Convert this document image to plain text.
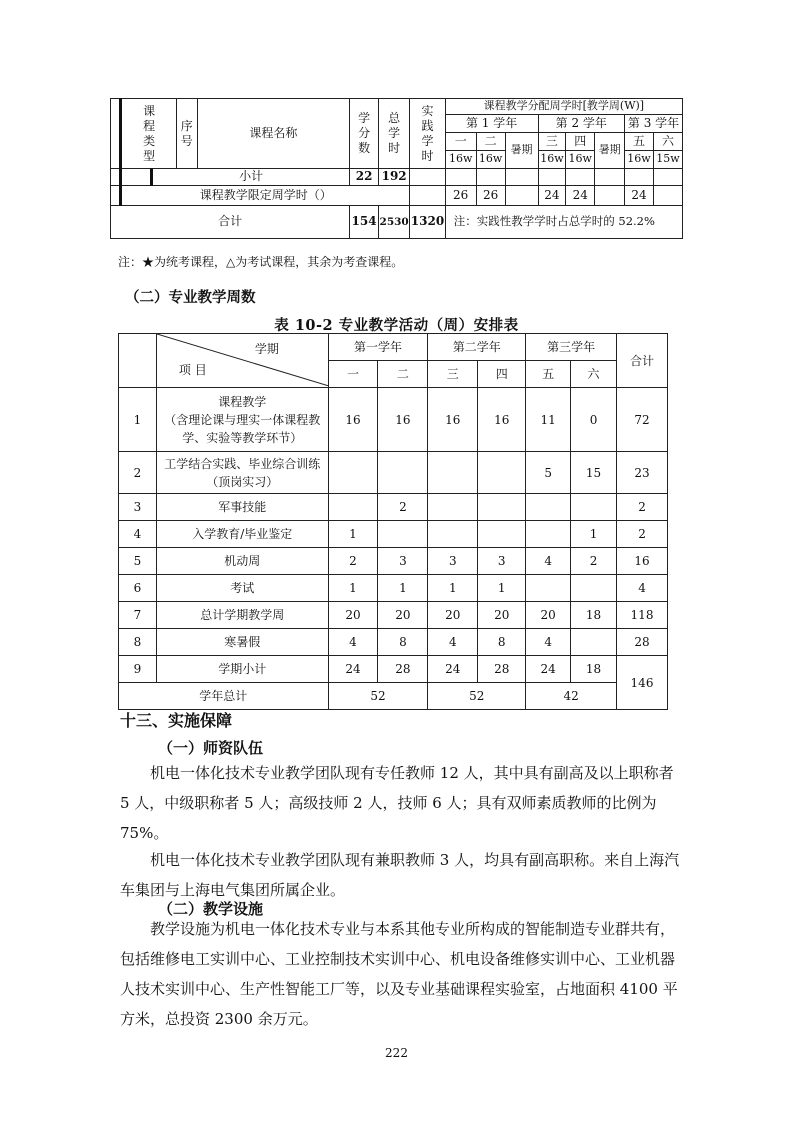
	课程类型		序号	课程名称	学分数	总学时	实践学时	课程教学分配周学时[教学周(W)]							
								第 1 学年			第 2 学年			第 3 学年	
								一	二	暑期	三	四	暑期	五	六
								16w	16w		16w	16w		16w	15w
		小计			22	192									
	课程教学限定周学时（）							26	26		24	24		24	
合计					154	2530	1320	注：实践性教学学时占总学时的 52.2%							
注：★为统考课程，△为考试课程，其余为考查课程。
（二）专业教学周数
表 10-2 专业教学活动（周）安排表

	学期
项 目	第一学年		第二学年		第三学年		合计
		一	二	三	四	五	六	
1	课程教学
（含理论课与理实一体课程教
学、实验等教学环节）	16	16	16	16	11	0	72
2	工学结合实践、毕业综合训练
（顶岗实习）					5	15	23
3	军事技能		2					2
4	入学教育/毕业鉴定	1					1	2
5	机动周	2	3	3	3	4	2	16
6	考试	1	1	1	1			4
7	总计学期教学周	20	20	20	20	20	18	118
8	寒暑假	4	8	4	8	4		28
9	学期小计	24	28	24	28	24	18	146
学年总计		52		52		42		
十三、实施保障
（一）师资队伍
机电一体化技术专业教学团队现有专任教师 12 人，其中具有副高及以上职称者 5 人，中级职称者 5 人；高级技师 2 人，技师 6 人；具有双师素质教师的比例为 75%。
机电一体化技术专业教学团队现有兼职教师 3 人，均具有副高职称。来自上海汽车集团与上海电气集团所属企业。
（二）教学设施
教学设施为机电一体化技术专业与本系其他专业所构成的智能制造专业群共有，包括维修电工实训中心、工业控制技术实训中心、机电设备维修实训中心、工业机器人技术实训中心、生产性智能工厂等，以及专业基础课程实验室，占地面积 4100 平方米，总投资 2300 余万元。
222
